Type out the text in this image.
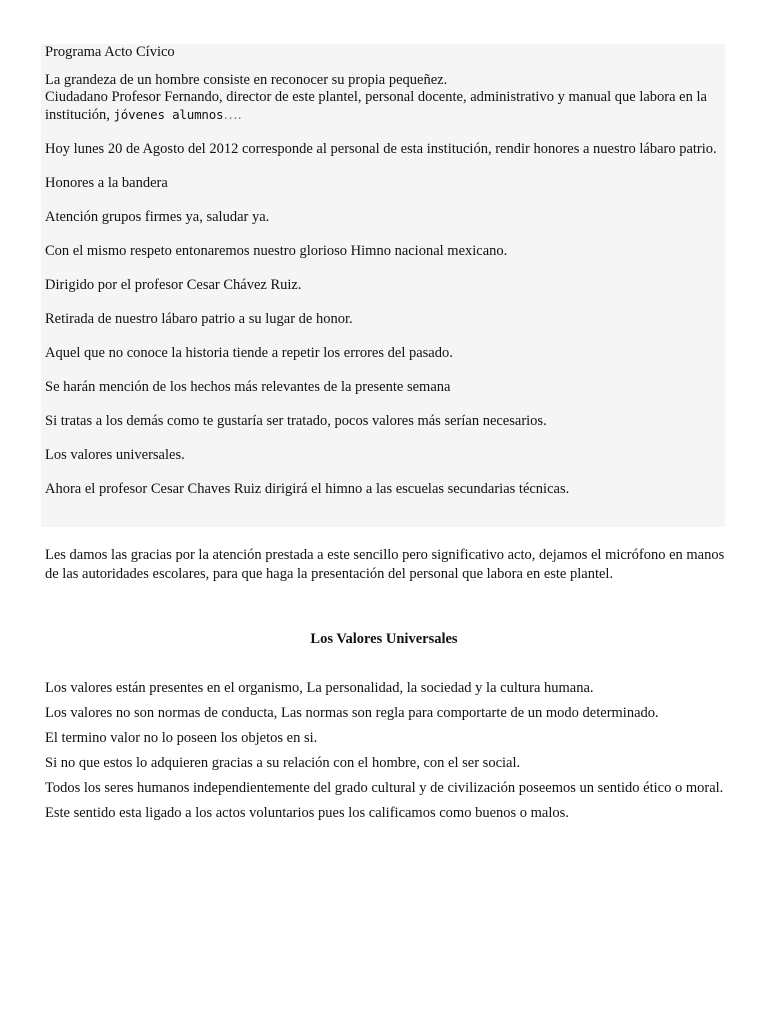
Programa Acto Cívico

La grandeza de un hombre consiste en reconocer su propia pequeñez.

Ciudadano Profesor Fernando, director de este plantel, personal docente, administrativo y manual que labora en la institución, jóvenes alumnos….

Hoy lunes 20 de Agosto del 2012 corresponde al personal de esta institución, rendir honores a nuestro lábaro patrio.

Honores a la bandera

Atención grupos firmes ya, saludar ya.

Con el mismo respeto entonaremos nuestro glorioso Himno nacional mexicano.

Dirigido por el profesor Cesar Chávez Ruiz.

Retirada de nuestro lábaro patrio a su lugar de honor.

Aquel que no conoce la historia tiende a repetir los errores del pasado.

Se harán mención de los hechos más relevantes de la presente semana

Si tratas a los demás como te gustaría ser tratado, pocos valores más serían necesarios.

Los valores universales.

Ahora el profesor Cesar Chaves Ruiz dirigirá el himno a las escuelas secundarias técnicas.

Les damos las gracias por la atención prestada a este sencillo pero significativo acto, dejamos el micrófono en manos de las autoridades escolares, para que haga la presentación del personal que labora en este plantel.

Los Valores Universales

Los valores están presentes en el organismo, La personalidad, la sociedad y la cultura humana.

Los valores no son normas de conducta, Las normas son regla para comportarte de un modo determinado.

El termino valor no lo poseen los objetos en si.

Si no que estos lo adquieren gracias a su relación con el hombre, con el ser social.

Todos los seres humanos independientemente del grado cultural y de civilización poseemos un sentido ético o moral.

Este sentido esta ligado a los actos voluntarios pues los calificamos como buenos o malos.
